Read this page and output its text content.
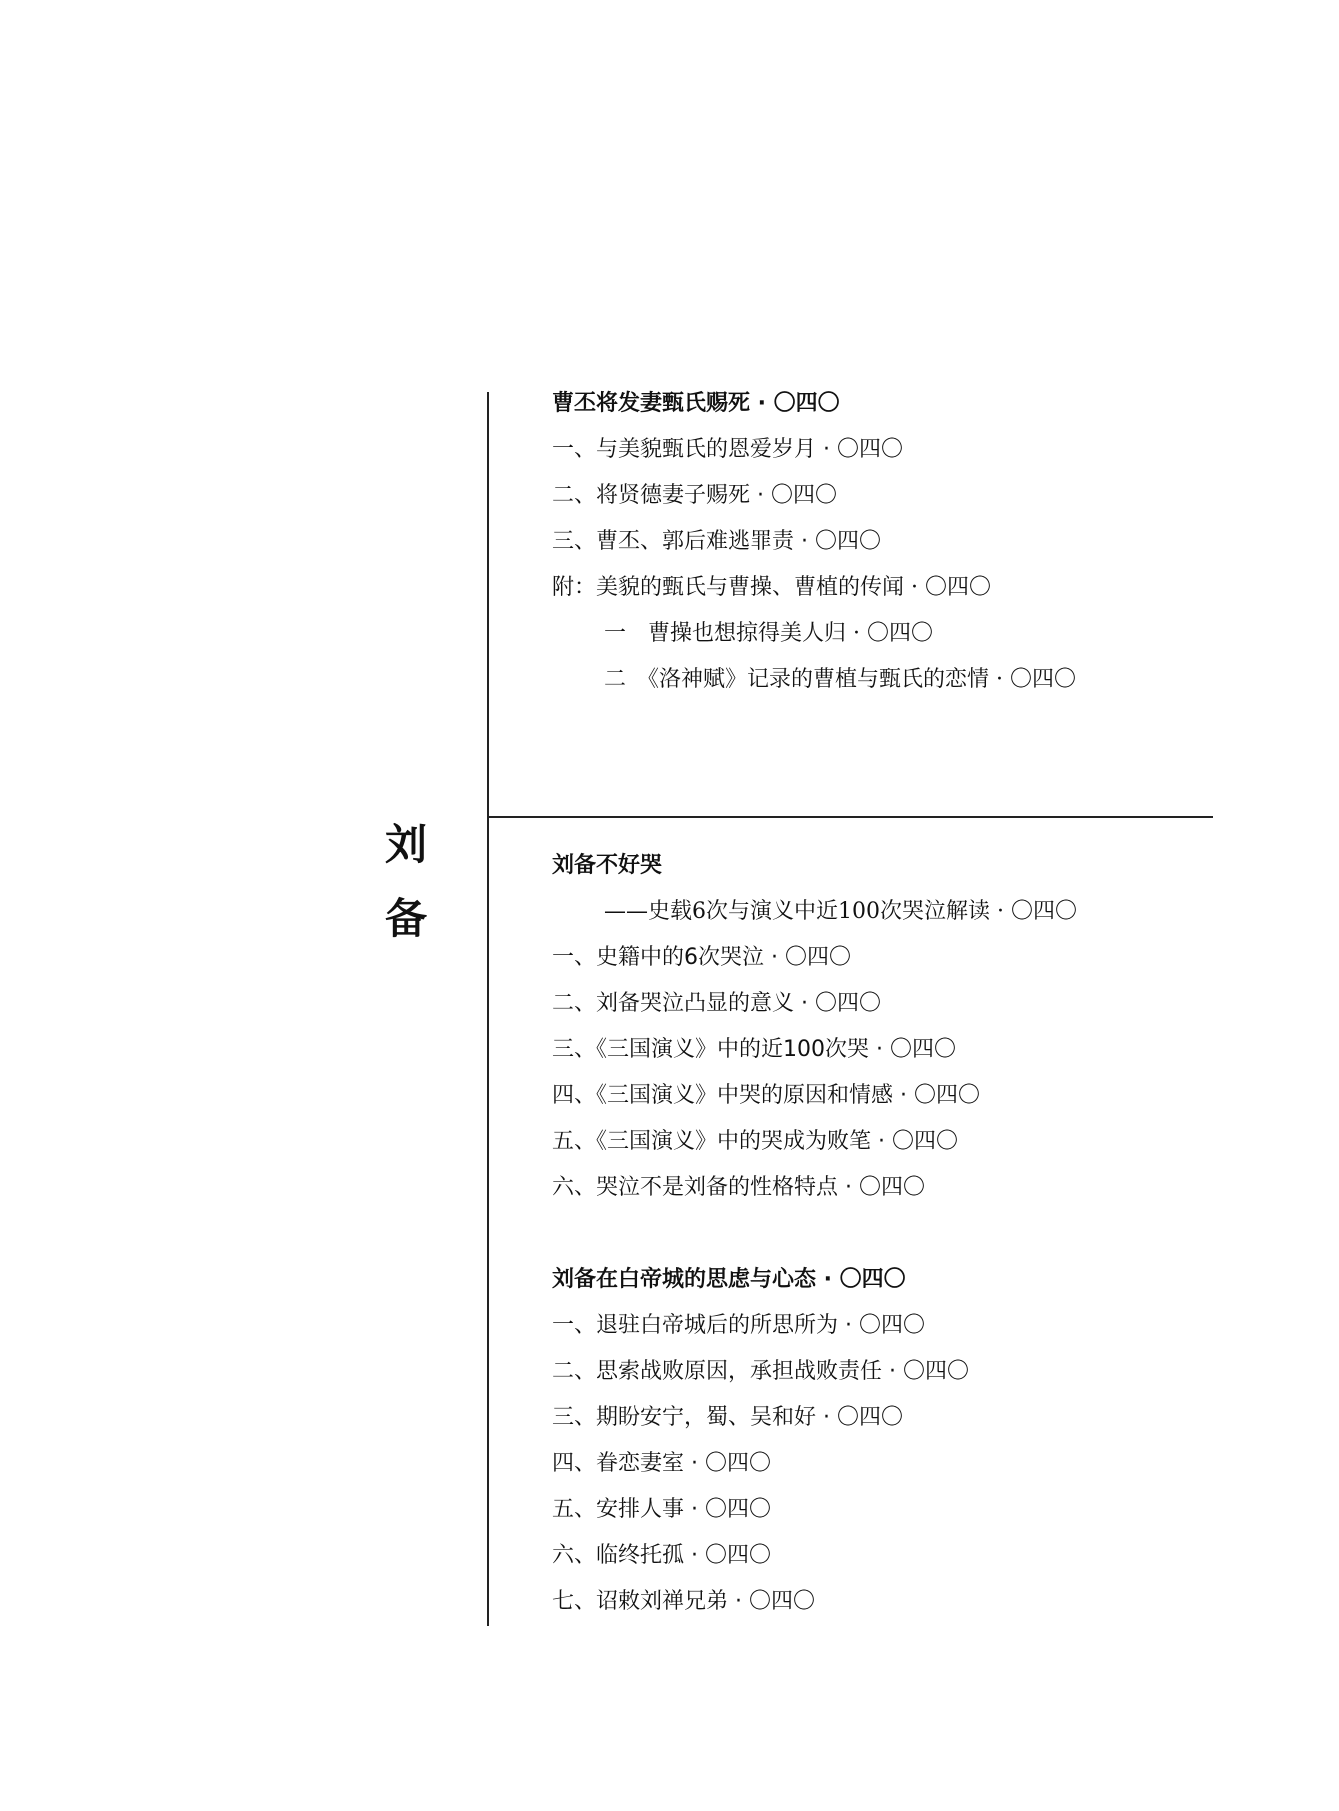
刘
备
曹丕将发妻甄氏赐死 · 〇四〇
一、与美貌甄氏的恩爱岁月 · 〇四〇
二、将贤德妻子赐死 · 〇四〇
三、曹丕、郭后难逃罪责 · 〇四〇
附：美貌的甄氏与曹操、曹植的传闻 · 〇四〇
一　曹操也想掠得美人归 · 〇四〇
二　《洛神赋》记录的曹植与甄氏的恋情 · 〇四〇
刘备不好哭
——史载6次与演义中近100次哭泣解读 · 〇四〇
一、史籍中的6次哭泣 · 〇四〇
二、刘备哭泣凸显的意义 · 〇四〇
三、《三国演义》中的近100次哭 · 〇四〇
四、《三国演义》中哭的原因和情感 · 〇四〇
五、《三国演义》中的哭成为败笔 · 〇四〇
六、哭泣不是刘备的性格特点 · 〇四〇
刘备在白帝城的思虑与心态 · 〇四〇
一、退驻白帝城后的所思所为 · 〇四〇
二、思索战败原因，承担战败责任 · 〇四〇
三、期盼安宁，蜀、吴和好 · 〇四〇
四、眷恋妻室 · 〇四〇
五、安排人事 · 〇四〇
六、临终托孤 · 〇四〇
七、诏敕刘禅兄弟 · 〇四〇
